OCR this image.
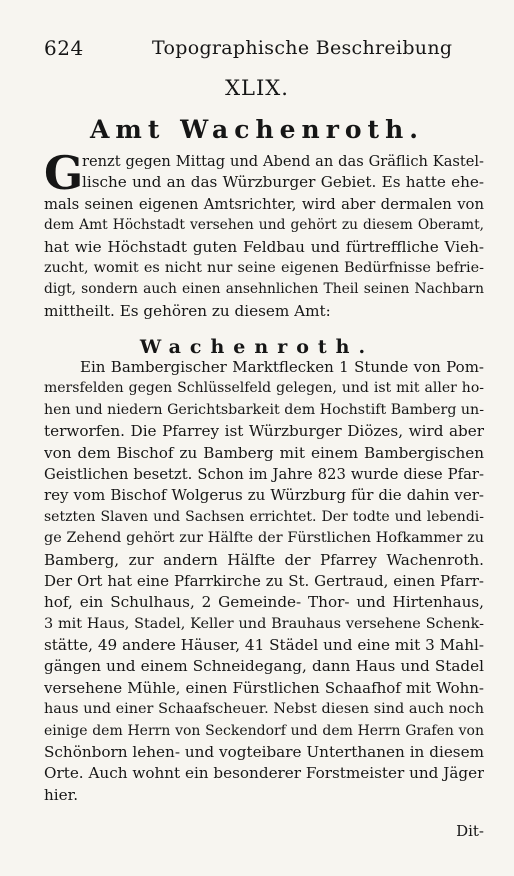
624	Topographische Beschreibung
XLIX.
Amt Wachenroth.
G
renzt gegen Mittag und Abend an das Gräflich Kastel-
lische und an das Würzburger Gebiet. Es hatte ehe-
mals seinen eigenen Amtsrichter, wird aber dermalen von
dem Amt Höchstadt versehen und gehört zu diesem Oberamt,
hat wie Höchstadt guten Feldbau und fürtreffliche Vieh-
zucht, womit es nicht nur seine eigenen Bedürfnisse befrie-
digt, sondern auch einen ansehnlichen Theil seinen Nachbarn
mittheilt. Es gehören zu diesem Amt:
Wachenroth.
Ein Bambergischer Marktflecken 1 Stunde von Pom-
mersfelden gegen Schlüsselfeld gelegen, und ist mit aller ho-
hen und niedern Gerichtsbarkeit dem Hochstift Bamberg un-
terworfen. Die Pfarrey ist Würzburger Diözes, wird aber
von dem Bischof zu Bamberg mit einem Bambergischen
Geistlichen besetzt. Schon im Jahre 823 wurde diese Pfar-
rey vom Bischof Wolgerus zu Würzburg für die dahin ver-
setzten Slaven und Sachsen errichtet. Der todte und lebendi-
ge Zehend gehört zur Hälfte der Fürstlichen Hofkammer zu
Bamberg, zur andern Hälfte der Pfarrey Wachenroth.
Der Ort hat eine Pfarrkirche zu St. Gertraud, einen Pfarr-
hof, ein Schulhaus, 2 Gemeinde- Thor- und Hirtenhaus,
3 mit Haus, Stadel, Keller und Brauhaus versehene Schenk-
stätte, 49 andere Häuser, 41 Städel und eine mit 3 Mahl-
gängen und einem Schneidegang, dann Haus und Stadel
versehene Mühle, einen Fürstlichen Schaafhof mit Wohn-
haus und einer Schaafscheuer. Nebst diesen sind auch noch
einige dem Herrn von Seckendorf und dem Herrn Grafen von
Schönborn lehen- und vogteibare Unterthanen in diesem
Orte. Auch wohnt ein besonderer Forstmeister und Jäger
hier.
Dit-
